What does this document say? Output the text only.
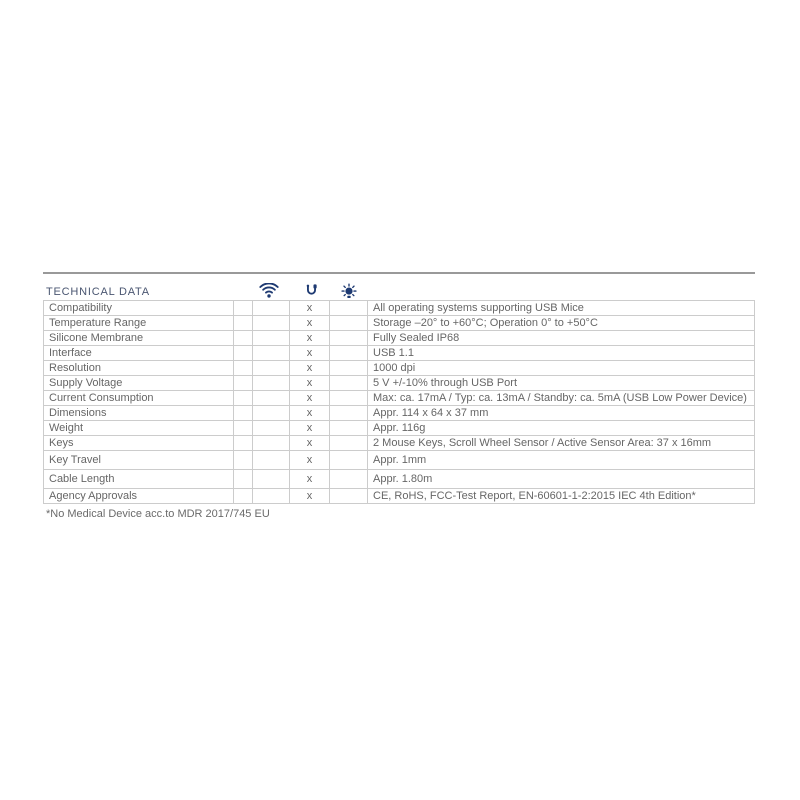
TECHNICAL DATA
Compatibility			x		All operating systems supporting USB Mice
Temperature Range			x		Storage –20° to +60°C; Operation 0° to +50°C
Silicone Membrane			x		Fully Sealed IP68
Interface			x		USB 1.1
Resolution			x		1000 dpi
Supply Voltage			x		5 V +/-10% through USB Port
Current Consumption			x		Max: ca. 17mA / Typ: ca. 13mA / Standby: ca. 5mA (USB Low Power Device)
Dimensions			x		Appr. 114 x 64 x 37 mm
Weight			x		Appr. 116g
Keys			x		2 Mouse Keys, Scroll Wheel Sensor / Active Sensor Area: 37 x 16mm
Key Travel			x		Appr. 1mm
Cable Length			x		Appr. 1.80m
Agency Approvals			x		CE, RoHS, FCC-Test Report, EN-60601-1-2:2015 IEC 4th Edition*
*No Medical Device acc.to MDR 2017/745 EU
